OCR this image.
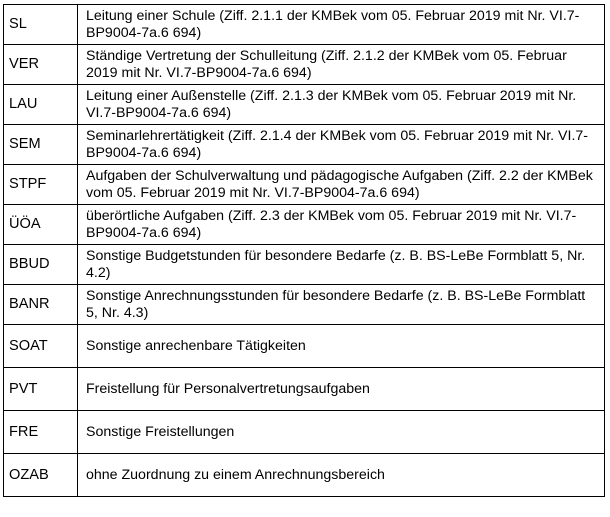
SL	Leitung einer Schule (Ziff. 2.1.1 der KMBek vom 05. Februar 2019 mit Nr. VI.7-BP9004-7a.6 694)
VER	Ständige Vertretung der Schulleitung (Ziff. 2.1.2 der KMBek vom 05. Februar 2019 mit Nr. VI.7-BP9004-7a.6 694)
LAU	Leitung einer Außenstelle (Ziff. 2.1.3 der KMBek vom 05. Februar 2019 mit Nr. VI.7-BP9004-7a.6 694)
SEM	Seminarlehrertätigkeit (Ziff. 2.1.4 der KMBek vom 05. Februar 2019 mit Nr. VI.7-BP9004-7a.6 694)
STPF	Aufgaben der Schulverwaltung und pädagogische Aufgaben (Ziff. 2.2 der KMBek vom 05. Februar 2019 mit Nr. VI.7-BP9004-7a.6 694)
ÜÖA	überörtliche Aufgaben (Ziff. 2.3 der KMBek vom 05. Februar 2019 mit Nr. VI.7-BP9004-7a.6 694)
BBUD	Sonstige Budgetstunden für besondere Bedarfe (z. B. BS-LeBe Formblatt 5, Nr. 4.2)
BANR	Sonstige Anrechnungsstunden für besondere Bedarfe (z. B. BS-LeBe Formblatt 5, Nr. 4.3)
SOAT	Sonstige anrechenbare Tätigkeiten
PVT	Freistellung für Personalvertretungsaufgaben
FRE	Sonstige Freistellungen
OZAB	ohne Zuordnung zu einem Anrechnungsbereich
